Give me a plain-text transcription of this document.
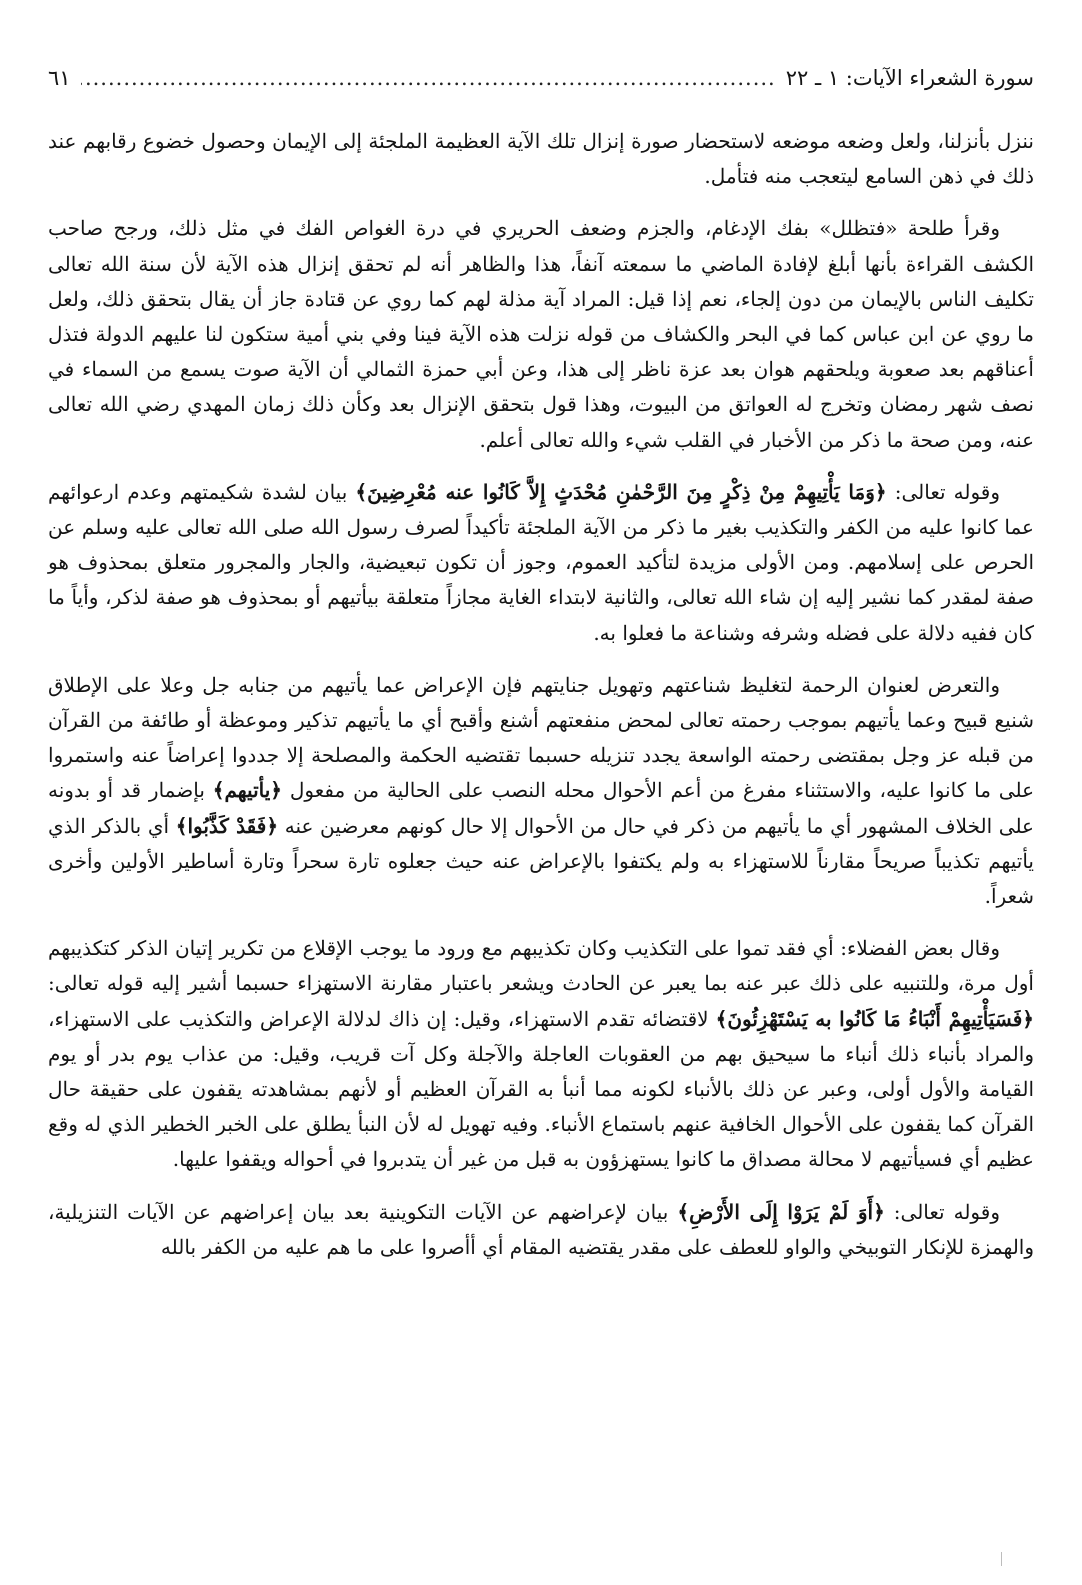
سورة الشعراء الآيات: ١ ـ ٢٢
.....
٦١

ننزل بأنزلنا، ولعل وضعه موضعه لاستحضار صورة إنزال تلك الآية العظيمة الملجئة إلى الإيمان وحصول خضوع رقابهم عند ذلك في ذهن السامع ليتعجب منه فتأمل.

وقرأ طلحة «فتظلل» بفك الإدغام، والجزم وضعف الحريري في درة الغواص الفك في مثل ذلك، ورجح صاحب الكشف القراءة بأنها أبلغ لإفادة الماضي ما سمعته آنفاً، هذا والظاهر أنه لم تحقق إنزال هذه الآية لأن سنة الله تعالى تكليف الناس بالإيمان من دون إلجاء، نعم إذا قيل: المراد آية مذلة لهم كما روي عن قتادة جاز أن يقال بتحقق ذلك، ولعل ما روي عن ابن عباس كما في البحر والكشاف من قوله نزلت هذه الآية فينا وفي بني أمية ستكون لنا عليهم الدولة فتذل أعناقهم بعد صعوبة ويلحقهم هوان بعد عزة ناظر إلى هذا، وعن أبي حمزة الثمالي أن الآية صوت يسمع من السماء في نصف شهر رمضان وتخرج له العواتق من البيوت، وهذا قول بتحقق الإنزال بعد وكأن ذلك زمان المهدي رضي الله تعالى عنه، ومن صحة ما ذكر من الأخبار في القلب شيء والله تعالى أعلم.

وقوله تعالى: ﴿وَمَا يَأْتِيهِمْ مِنْ ذِكْرٍ مِنَ الرَّحْمٰنِ مُحْدَثٍ إِلاَّ كَانُوا عنه مُعْرِضِينَ﴾ بيان لشدة شكيمتهم وعدم ارعوائهم عما كانوا عليه من الكفر والتكذيب بغير ما ذكر من الآية الملجئة تأكيداً لصرف رسول الله صلى الله تعالى عليه وسلم عن الحرص على إسلامهم. ومن الأولى مزيدة لتأكيد العموم، وجوز أن تكون تبعيضية، والجار والمجرور متعلق بمحذوف هو صفة لمقدر كما نشير إليه إن شاء الله تعالى، والثانية لابتداء الغاية مجازاً متعلقة بيأتيهم أو بمحذوف هو صفة لذكر، وأياً ما كان ففيه دلالة على فضله وشرفه وشناعة ما فعلوا به.

والتعرض لعنوان الرحمة لتغليظ شناعتهم وتهويل جنايتهم فإن الإعراض عما يأتيهم من جنابه جل وعلا على الإطلاق شنيع قبيح وعما يأتيهم بموجب رحمته تعالى لمحض منفعتهم أشنع وأقبح أي ما يأتيهم تذكير وموعظة أو طائفة من القرآن من قبله عز وجل بمقتضى رحمته الواسعة يجدد تنزيله حسبما تقتضيه الحكمة والمصلحة إلا جددوا إعراضاً عنه واستمروا على ما كانوا عليه، والاستثناء مفرغ من أعم الأحوال محله النصب على الحالية من مفعول ﴿يأتيهم﴾ بإضمار قد أو بدونه على الخلاف المشهور أي ما يأتيهم من ذكر في حال من الأحوال إلا حال كونهم معرضين عنه ﴿فَقَدْ كَذَّبُوا﴾ أي بالذكر الذي يأتيهم تكذيباً صريحاً مقارناً للاستهزاء به ولم يكتفوا بالإعراض عنه حيث جعلوه تارة سحراً وتارة أساطير الأولين وأخرى شعراً.

وقال بعض الفضلاء: أي فقد تموا على التكذيب وكان تكذيبهم مع ورود ما يوجب الإقلاع من تكرير إتيان الذكر كتكذيبهم أول مرة، وللتنبيه على ذلك عبر عنه بما يعبر عن الحادث ويشعر باعتبار مقارنة الاستهزاء حسبما أشير إليه قوله تعالى: ﴿فَسَيَأْتِيهِمْ أَنْبَاءُ مَا كَانُوا به يَسْتَهْزِئُونَ﴾ لاقتضائه تقدم الاستهزاء، وقيل: إن ذاك لدلالة الإعراض والتكذيب على الاستهزاء، والمراد بأنباء ذلك أنباء ما سيحيق بهم من العقوبات العاجلة والآجلة وكل آت قريب، وقيل: من عذاب يوم بدر أو يوم القيامة والأول أولى، وعبر عن ذلك بالأنباء لكونه مما أنبأ به القرآن العظيم أو لأنهم بمشاهدته يقفون على حقيقة حال القرآن كما يقفون على الأحوال الخافية عنهم باستماع الأنباء. وفيه تهويل له لأن النبأ يطلق على الخبر الخطير الذي له وقع عظيم أي فسيأتيهم لا محالة مصداق ما كانوا يستهزؤون به قبل من غير أن يتدبروا في أحواله ويقفوا عليها.

وقوله تعالى: ﴿أَوَ لَمْ يَرَوْا إِلَى الأَرْضِ﴾ بيان لإعراضهم عن الآيات التكوينية بعد بيان إعراضهم عن الآيات التنزيلية، والهمزة للإنكار التوبيخي والواو للعطف على مقدر يقتضيه المقام أي أأصروا على ما هم عليه من الكفر بالله
